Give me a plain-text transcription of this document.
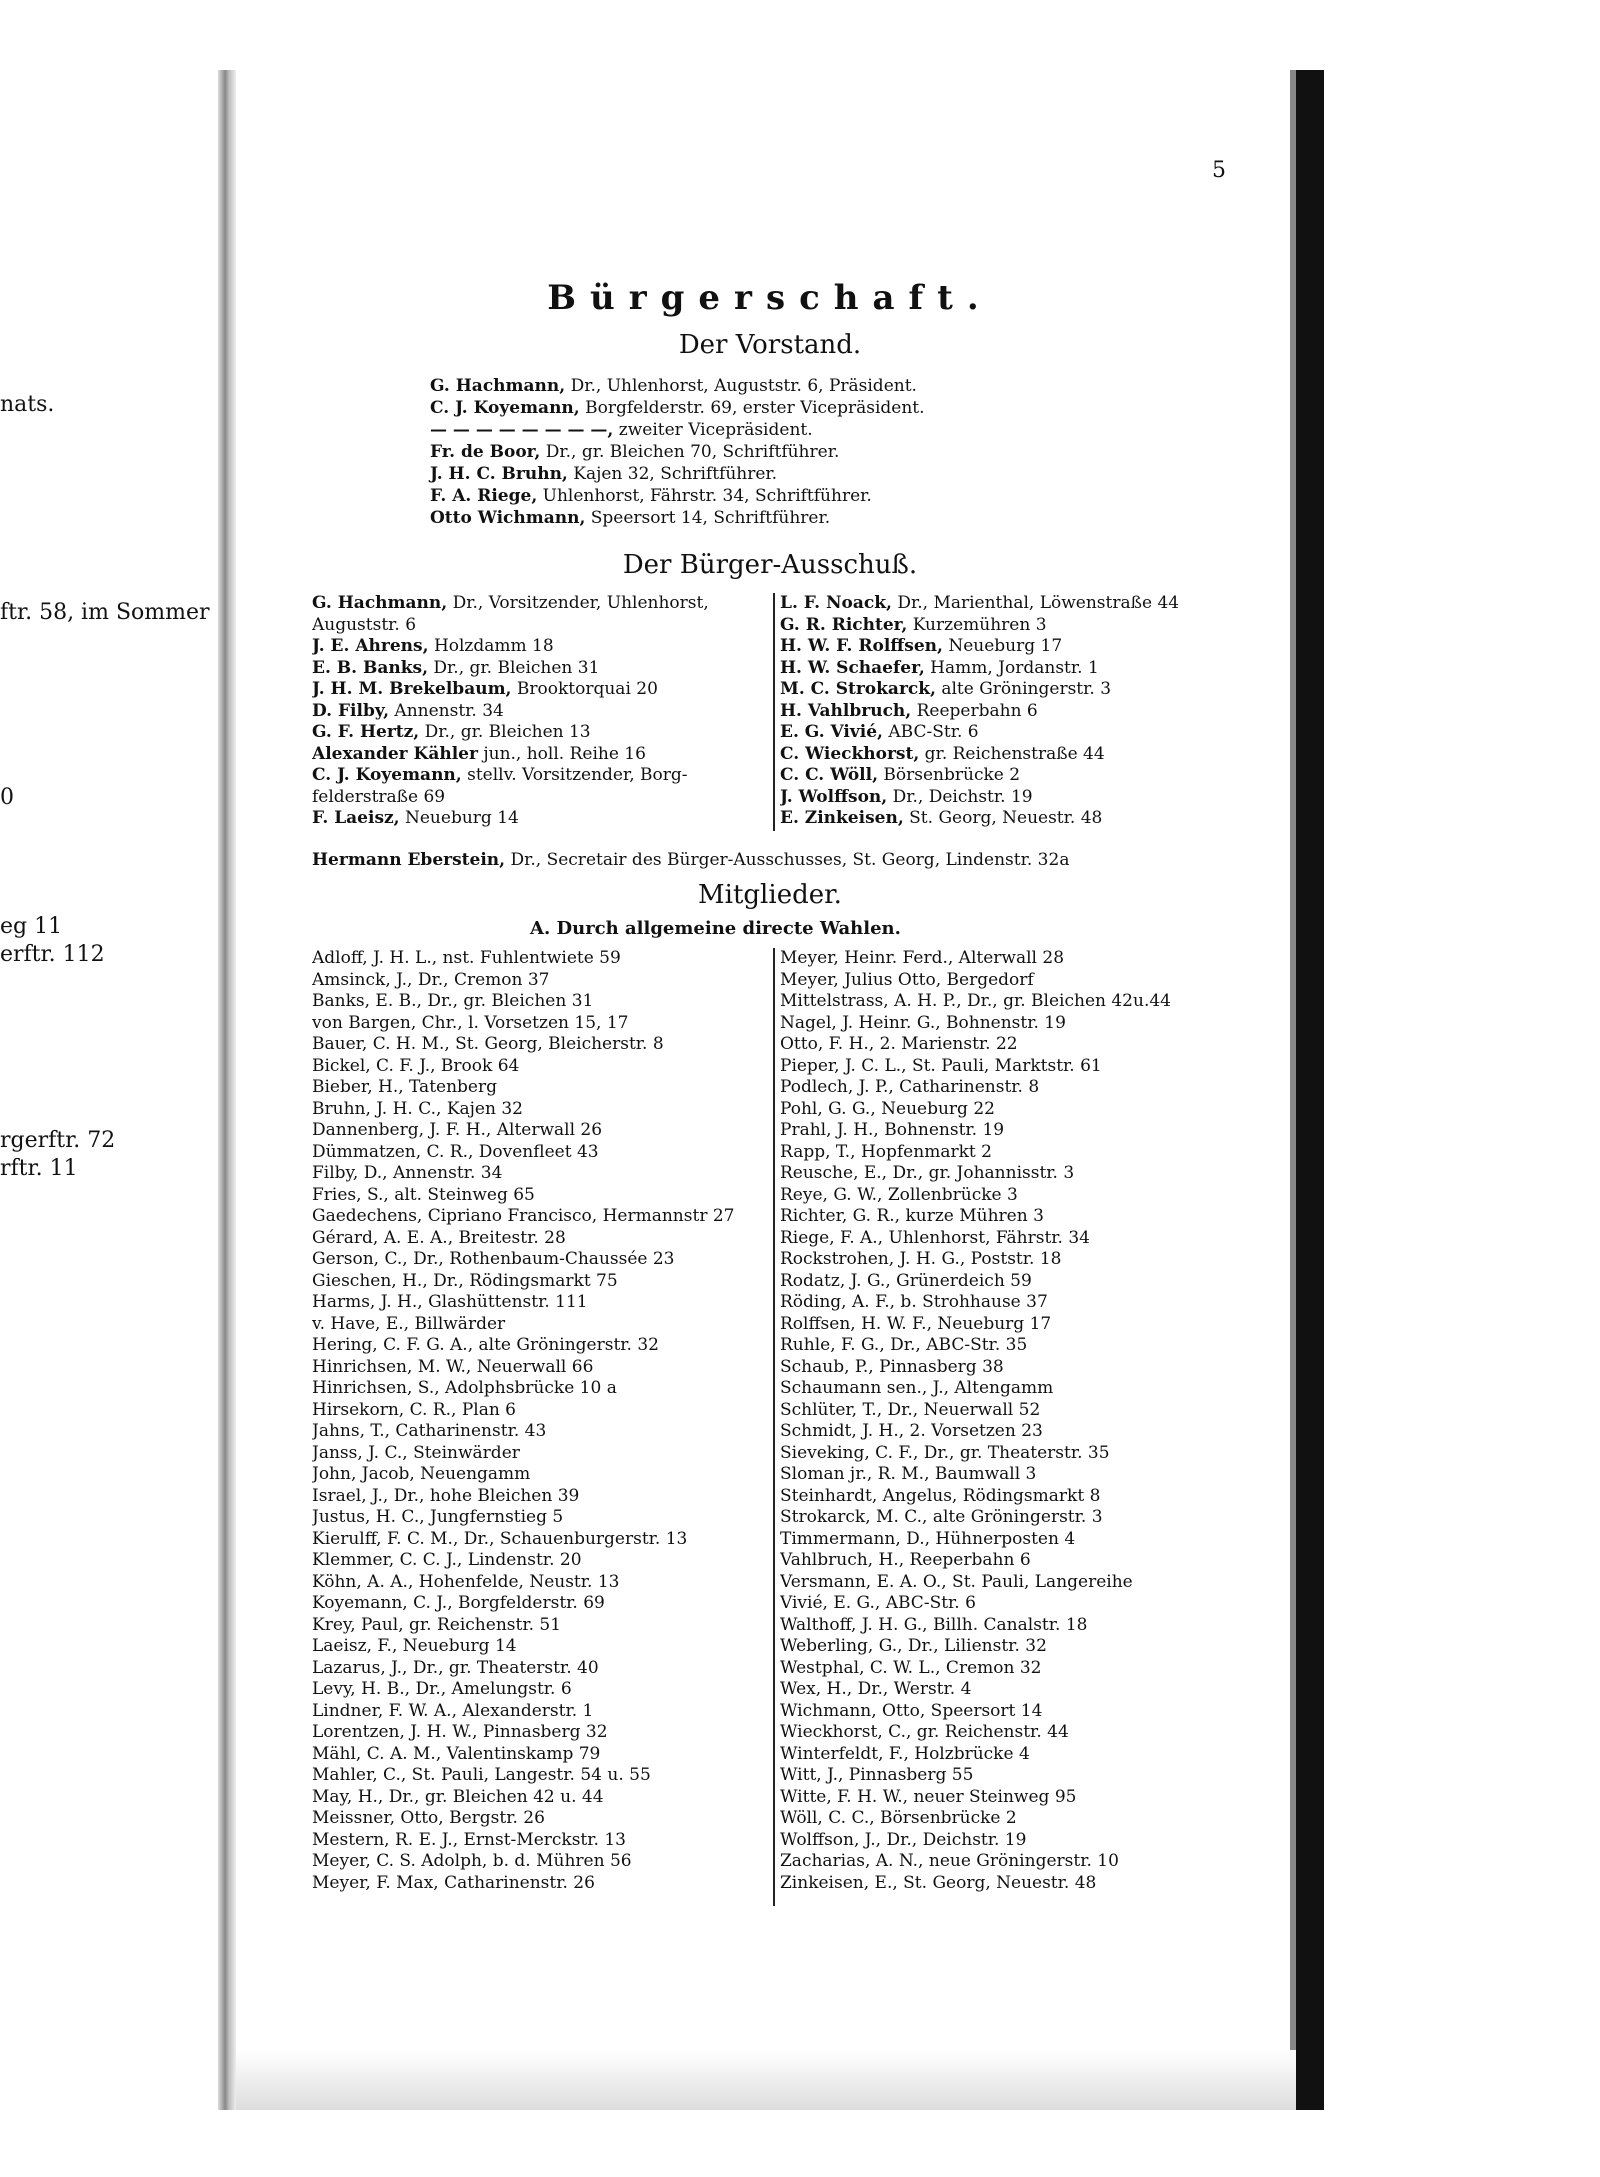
nats.
ftr. 58, im Sommer
0
eg 11
erftr. 112
rgerftr. 72
rftr. 11
5
Bürgerschaft.
Der Vorstand.
G. Hachmann, Dr., Uhlenhorst, Auguststr. 6, Präsident.
C. J. Koyemann, Borgfelderstr. 69, erster Vicepräsident.
— — — — — — — —, zweiter Vicepräsident.
Fr. de Boor, Dr., gr. Bleichen 70, Schriftführer.
J. H. C. Bruhn, Kajen 32, Schriftführer.
F. A. Riege, Uhlenhorst, Fährstr. 34, Schriftführer.
Otto Wichmann, Speersort 14, Schriftführer.
Der Bürger-Ausschuß.
G. Hachmann, Dr., Vorsitzender, Uhlenhorst,
Auguststr. 6
J. E. Ahrens, Holzdamm 18
E. B. Banks, Dr., gr. Bleichen 31
J. H. M. Brekelbaum, Brooktorquai 20
D. Filby, Annenstr. 34
G. F. Hertz, Dr., gr. Bleichen 13
Alexander Kähler jun., holl. Reihe 16
C. J. Koyemann, stellv. Vorsitzender, Borg-
felderstraße 69
F. Laeisz, Neueburg 14
L. F. Noack, Dr., Marienthal, Löwenstraße 44
G. R. Richter, Kurzemühren 3
H. W. F. Rolffsen, Neueburg 17
H. W. Schaefer, Hamm, Jordanstr. 1
M. C. Strokarck, alte Gröningerstr. 3
H. Vahlbruch, Reeperbahn 6
E. G. Vivié, ABC-Str. 6
C. Wieckhorst, gr. Reichenstraße 44
C. C. Wöll, Börsenbrücke 2
J. Wolffson, Dr., Deichstr. 19
E. Zinkeisen, St. Georg, Neuestr. 48
Hermann Eberstein, Dr., Secretair des Bürger-Ausschusses, St. Georg, Lindenstr. 32a
Mitglieder.
A. Durch allgemeine directe Wahlen.
Adloff, J. H. L., nst. Fuhlentwiete 59
Amsinck, J., Dr., Cremon 37
Banks, E. B., Dr., gr. Bleichen 31
von Bargen, Chr., l. Vorsetzen 15, 17
Bauer, C. H. M., St. Georg, Bleicherstr. 8
Bickel, C. F. J., Brook 64
Bieber, H., Tatenberg
Bruhn, J. H. C., Kajen 32
Dannenberg, J. F. H., Alterwall 26
Dümmatzen, C. R., Dovenfleet 43
Filby, D., Annenstr. 34
Fries, S., alt. Steinweg 65
Gaedechens, Cipriano Francisco, Hermannstr 27
Gérard, A. E. A., Breitestr. 28
Gerson, C., Dr., Rothenbaum-Chaussée 23
Gieschen, H., Dr., Rödingsmarkt 75
Harms, J. H., Glashüttenstr. 111
v. Have, E., Billwärder
Hering, C. F. G. A., alte Gröningerstr. 32
Hinrichsen, M. W., Neuerwall 66
Hinrichsen, S., Adolphsbrücke 10 a
Hirsekorn, C. R., Plan 6
Jahns, T., Catharinenstr. 43
Janss, J. C., Steinwärder
John, Jacob, Neuengamm
Israel, J., Dr., hohe Bleichen 39
Justus, H. C., Jungfernstieg 5
Kierulff, F. C. M., Dr., Schauenburgerstr. 13
Klemmer, C. C. J., Lindenstr. 20
Köhn, A. A., Hohenfelde, Neustr. 13
Koyemann, C. J., Borgfelderstr. 69
Krey, Paul, gr. Reichenstr. 51
Laeisz, F., Neueburg 14
Lazarus, J., Dr., gr. Theaterstr. 40
Levy, H. B., Dr., Amelungstr. 6
Lindner, F. W. A., Alexanderstr. 1
Lorentzen, J. H. W., Pinnasberg 32
Mähl, C. A. M., Valentinskamp 79
Mahler, C., St. Pauli, Langestr. 54 u. 55
May, H., Dr., gr. Bleichen 42 u. 44
Meissner, Otto, Bergstr. 26
Mestern, R. E. J., Ernst-Merckstr. 13
Meyer, C. S. Adolph, b. d. Mühren 56
Meyer, F. Max, Catharinenstr. 26
Meyer, Heinr. Ferd., Alterwall 28
Meyer, Julius Otto, Bergedorf
Mittelstrass, A. H. P., Dr., gr. Bleichen 42u.44
Nagel, J. Heinr. G., Bohnenstr. 19
Otto, F. H., 2. Marienstr. 22
Pieper, J. C. L., St. Pauli, Marktstr. 61
Podlech, J. P., Catharinenstr. 8
Pohl, G. G., Neueburg 22
Prahl, J. H., Bohnenstr. 19
Rapp, T., Hopfenmarkt 2
Reusche, E., Dr., gr. Johannisstr. 3
Reye, G. W., Zollenbrücke 3
Richter, G. R., kurze Mühren 3
Riege, F. A., Uhlenhorst, Fährstr. 34
Rockstrohen, J. H. G., Poststr. 18
Rodatz, J. G., Grünerdeich 59
Röding, A. F., b. Strohhause 37
Rolffsen, H. W. F., Neueburg 17
Ruhle, F. G., Dr., ABC-Str. 35
Schaub, P., Pinnasberg 38
Schaumann sen., J., Altengamm
Schlüter, T., Dr., Neuerwall 52
Schmidt, J. H., 2. Vorsetzen 23
Sieveking, C. F., Dr., gr. Theaterstr. 35
Sloman jr., R. M., Baumwall 3
Steinhardt, Angelus, Rödingsmarkt 8
Strokarck, M. C., alte Gröningerstr. 3
Timmermann, D., Hühnerposten 4
Vahlbruch, H., Reeperbahn 6
Versmann, E. A. O., St. Pauli, Langereihe
Vivié, E. G., ABC-Str. 6
Walthoff, J. H. G., Billh. Canalstr. 18
Weberling, G., Dr., Lilienstr. 32
Westphal, C. W. L., Cremon 32
Wex, H., Dr., Werstr. 4
Wichmann, Otto, Speersort 14
Wieckhorst, C., gr. Reichenstr. 44
Winterfeldt, F., Holzbrücke 4
Witt, J., Pinnasberg 55
Witte, F. H. W., neuer Steinweg 95
Wöll, C. C., Börsenbrücke 2
Wolffson, J., Dr., Deichstr. 19
Zacharias, A. N., neue Gröningerstr. 10
Zinkeisen, E., St. Georg, Neuestr. 48
